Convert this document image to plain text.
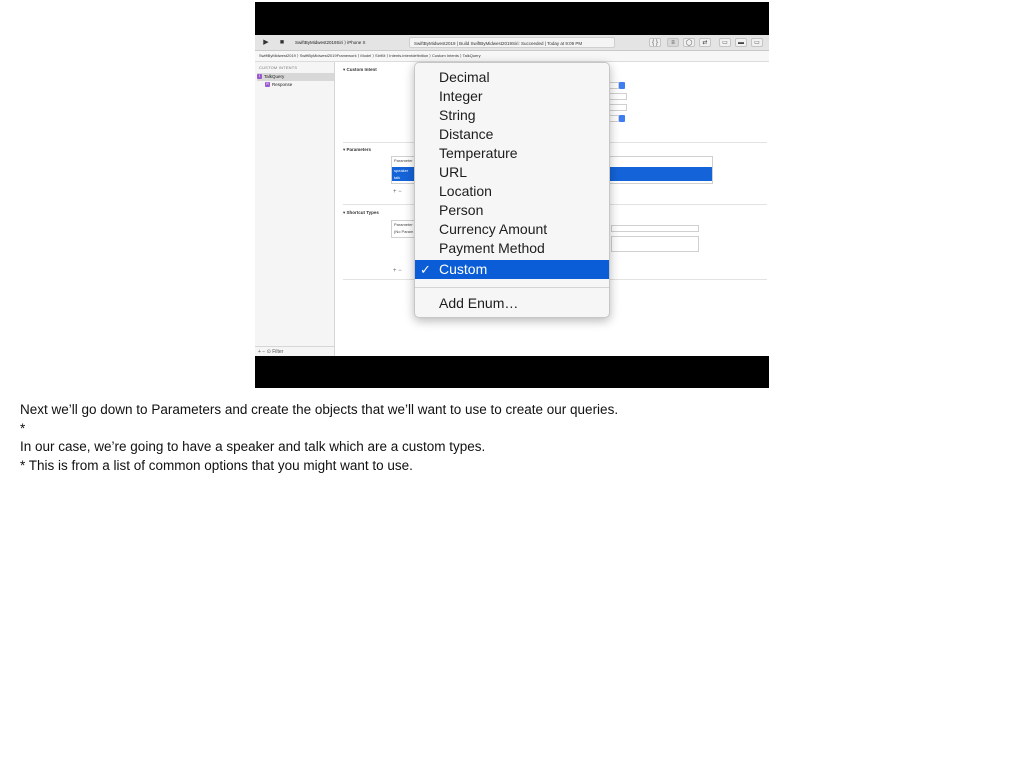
▶	■	SwiftByMidwest2019Siri ⟩ iPhone X	SwiftByMidwest2019 | Build SwiftByMidwest2019Siri: Succeeded | Today at 9:09 PM	{ }	≡	◯	⇄	▭	▬	▭
SwiftByMidwest2019 ⟩ SwiftByMidwest2019Framework ⟩ Model ⟩ SiriKit ⟩ Intents.intentdefinition ⟩ Custom Intents ⟩ TalkQuery
CUSTOM INTENTS
I TalkQuery
R Response
+ − ⊙ Filter
▾ Custom Intent
▾ Parameters
Parameter
speaker
talk
+ −
▾ Shortcut Types
Parameter
(No Param
+ −
Decimal
Integer
String
Distance
Temperature
URL
Location
Person
Currency Amount
Payment Method
✓ Custom
Add Enum…
Next we’ll go down to Parameters and create the objects that we’ll want to use to create our queries.
*
In our case, we’re going to have a speaker and talk which are a custom types.
* This is from a list of common options that you might want to use.
